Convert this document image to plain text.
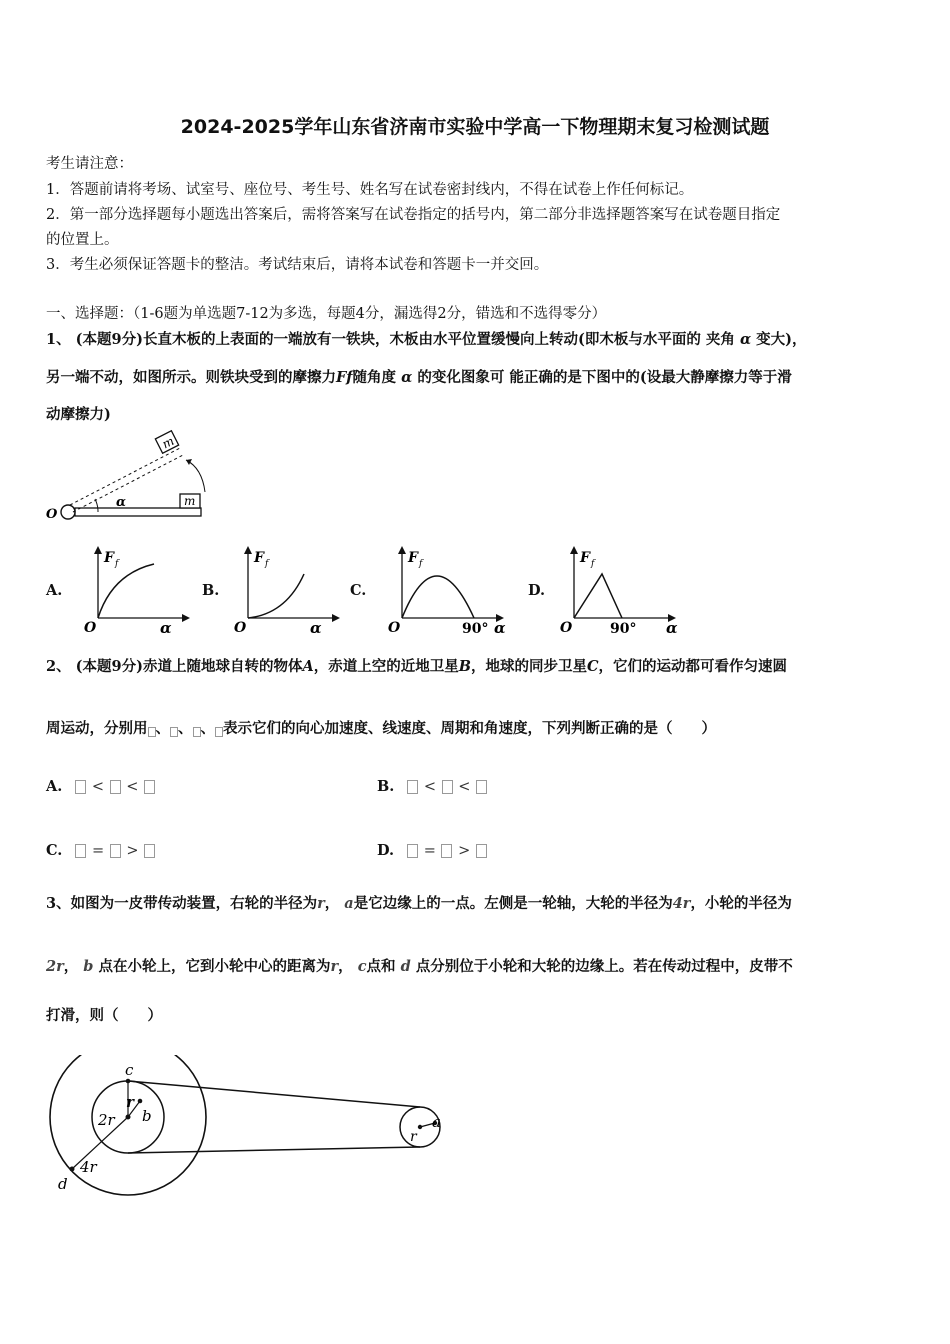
2024-2025学年山东省济南市实验中学高一下物理期末复习检测试题
考生请注意：
1．答题前请将考场、试室号、座位号、考生号、姓名写在试卷密封线内，不得在试卷上作任何标记。
2．第一部分选择题每小题选出答案后，需将答案写在试卷指定的括号内，第二部分非选择题答案写在试卷题目指定
的位置上。
3．考生必须保证答题卡的整洁。考试结束后，请将本试卷和答题卡一并交回。
一、选择题：（1-6题为单选题7-12为多选，每题4分，漏选得2分，错选和不选得零分）
1、 (本题9分)长直木板的上表面的一端放有一铁块，木板由水平位置缓慢向上转动(即木板与水平面的 夹角 α 变大)，
另一端不动，如图所示。则铁块受到的摩擦力Ff随角度 α 的变化图象可 能正确的是下图中的(设最大静摩擦力等于滑
动摩擦力)
m
m
α
O
A.
F f
O	α
B.
F f
O	α
C.
F f
O	α
90°
D.
F f
O	α
90°
2、 (本题9分)赤道上随地球自转的物体A，赤道上空的近地卫星B，地球的同步卫星C，它们的运动都可看作匀速圆
周运动，分别用 、 、 、 表示它们的向心加速度、线速度、周期和角速度，下列判断正确的是（　　）
A. < <	B. < <
C. = >	D. = >
3、如图为一皮带传动装置，右轮的半径为r， a是它边缘上的一点。左侧是一轮轴，大轮的半径为4r，小轮的半径为
2r， b 点在小轮上，它到小轮中心的距离为r， c点和 d 点分别位于小轮和大轮的边缘上。若在传动过程中，皮带不
打滑，则（　　）
c
r
b
2r
4r
d
a
r
